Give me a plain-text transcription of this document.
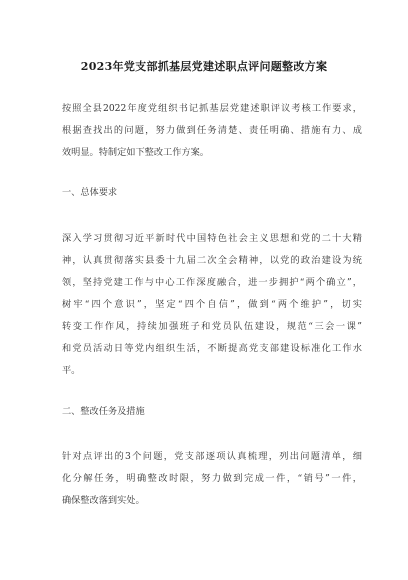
2023年党支部抓基层党建述职点评问题整改方案
按照全县2022年度党组织书记抓基层党建述职评议考核工作要求，
根据查找出的问题，努力做到任务清楚、责任明确、措施有力、成
效明显。特制定如下整改工作方案。
一、总体要求
深入学习贯彻习近平新时代中国特色社会主义思想和党的二十大精
神，认真贯彻落实县委十九届二次全会精神，以党的政治建设为统
领，坚持党建工作与中心工作深度融合，进一步拥护“两个确立”，
树牢“四个意识”，坚定“四个自信”，做到“两个维护”，切实
转变工作作风，持续加强班子和党员队伍建设，规范“三会一课”
和党员活动日等党内组织生活，不断提高党支部建设标准化工作水
平。
二、整改任务及措施
针对点评出的3个问题，党支部逐项认真梳理，列出问题清单，细
化分解任务，明确整改时限，努力做到完成一件，“销号”一件，
确保整改落到实处。
